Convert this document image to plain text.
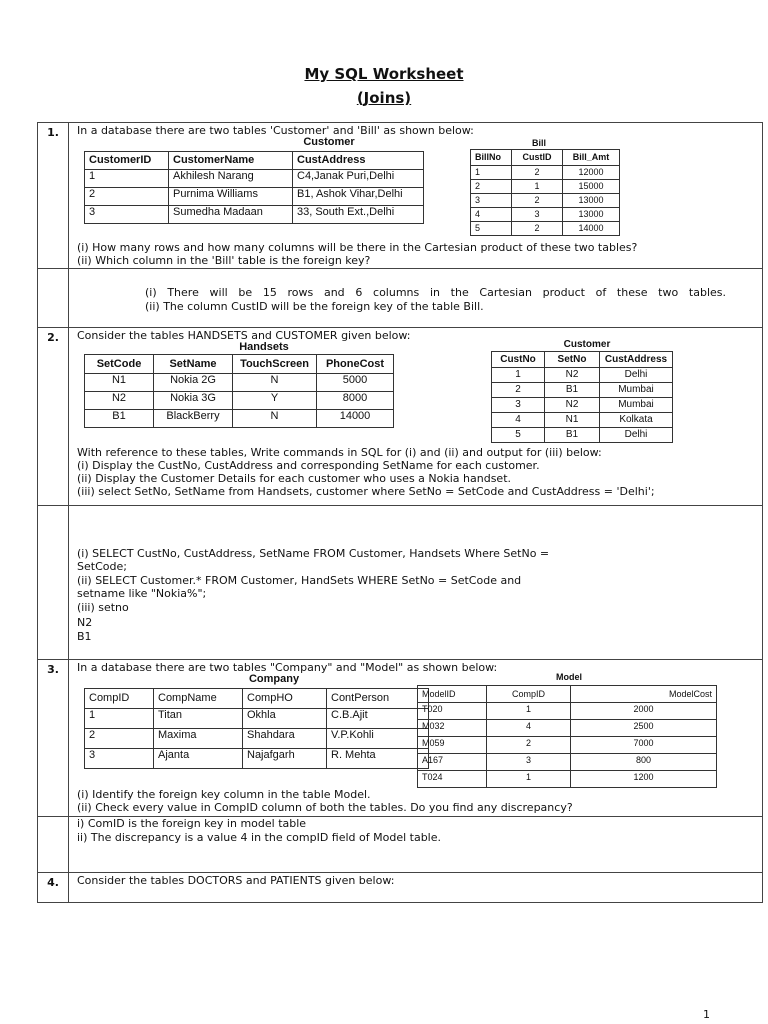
My SQL Worksheet
(Joins)
1.	In a database there are two tables 'Customer' and 'Bill' as shown below:
Customer
CustomerID	CustomerName	CustAddress
1	Akhilesh Narang	C4,Janak Puri,Delhi
2	Purnima Williams	B1, Ashok Vihar,Delhi
3	Sumedha Madaan	33, South Ext.,Delhi
Bill
BillNo	CustID	Bill_Amt
1	2	12000
2	1	15000
3	2	13000
4	3	13000
5	2	14000
(i) How many rows and how many columns will be there in the Cartesian product of these two tables?
(ii) Which column in the 'Bill' table is the foreign key?

(i) There will be 15 rows and 6 columns in the Cartesian product of these two tables.
(ii) The column CustID will be the foreign key of the table Bill.

2.	Consider the tables HANDSETS and CUSTOMER given below:
Handsets
SetCode	SetName	TouchScreen	PhoneCost
N1	Nokia 2G	N	5000
N2	Nokia 3G	Y	8000
B1	BlackBerry	N	14000
Customer
CustNo	SetNo	CustAddress
1	N2	Delhi
2	B1	Mumbai
3	N2	Mumbai
4	N1	Kolkata
5	B1	Delhi
With reference to these tables, Write commands in SQL for (i) and (ii) and output for (iii) below:
(i) Display the CustNo, CustAddress and corresponding SetName for each customer.
(ii) Display the Customer Details for each customer who uses a Nokia handset.
(iii) select SetNo, SetName from Handsets, customer where SetNo = SetCode and CustAddress = 'Delhi';

(i) SELECT CustNo, CustAddress, SetName FROM Customer, Handsets Where SetNo =
SetCode;
(ii) SELECT Customer.* FROM Customer, HandSets WHERE SetNo = SetCode and
setname like "Nokia%";
(iii) setno
N2
B1

3.	In a database there are two tables "Company" and "Model" as shown below:
Company
CompID	CompName	CompHO	ContPerson
1	Titan	Okhla	C.B.Ajit
2	Maxima	Shahdara	V.P.Kohli
3	Ajanta	Najafgarh	R. Mehta
Model
ModelID	CompID	ModelCost
T020	1	2000
M032	4	2500
M059	2	7000
A167	3	800
T024	1	1200
(i) Identify the foreign key column in the table Model.
(ii) Check every value in CompID column of both the tables. Do you find any discrepancy?

i) ComID is the foreign key in model table
ii) The discrepancy is a value 4 in the compID field of Model table.

4.	Consider the tables DOCTORS and PATIENTS given below:
1
